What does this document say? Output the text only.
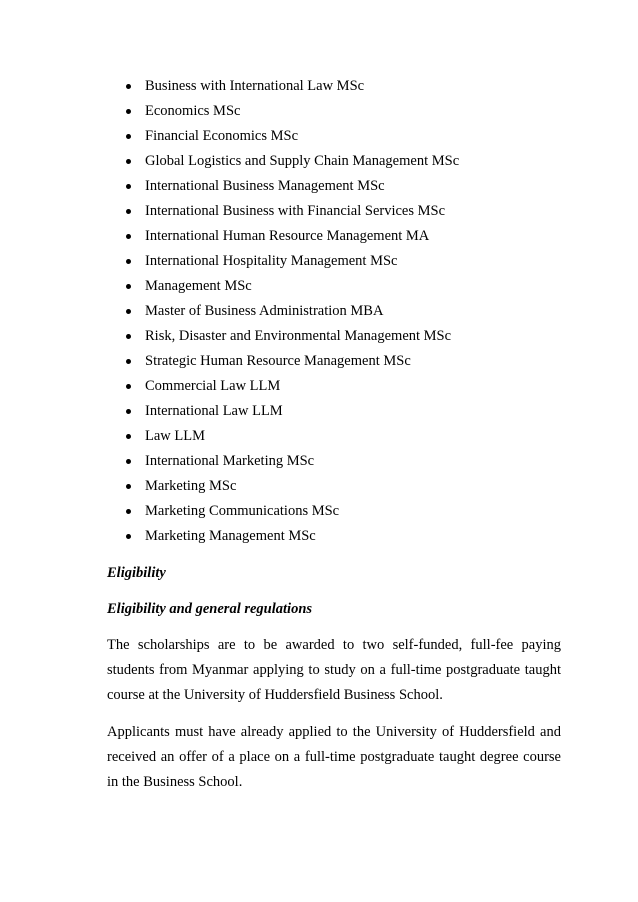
Business with International Law MSc
Economics MSc
Financial Economics MSc
Global Logistics and Supply Chain Management MSc
International Business Management MSc
International Business with Financial Services MSc
International Human Resource Management MA
International Hospitality Management MSc
Management MSc
Master of Business Administration MBA
Risk, Disaster and Environmental Management MSc
Strategic Human Resource Management MSc
Commercial Law LLM
International Law LLM
Law LLM
International Marketing MSc
Marketing MSc
Marketing Communications MSc
Marketing Management MSc
Eligibility
Eligibility and general regulations

The scholarships are to be awarded to two self-funded, full-fee paying students from Myanmar applying to study on a full-time postgraduate taught course at the University of Huddersfield Business School.

Applicants must have already applied to the University of Huddersfield and received an offer of a place on a full-time postgraduate taught degree course in the Business School.
